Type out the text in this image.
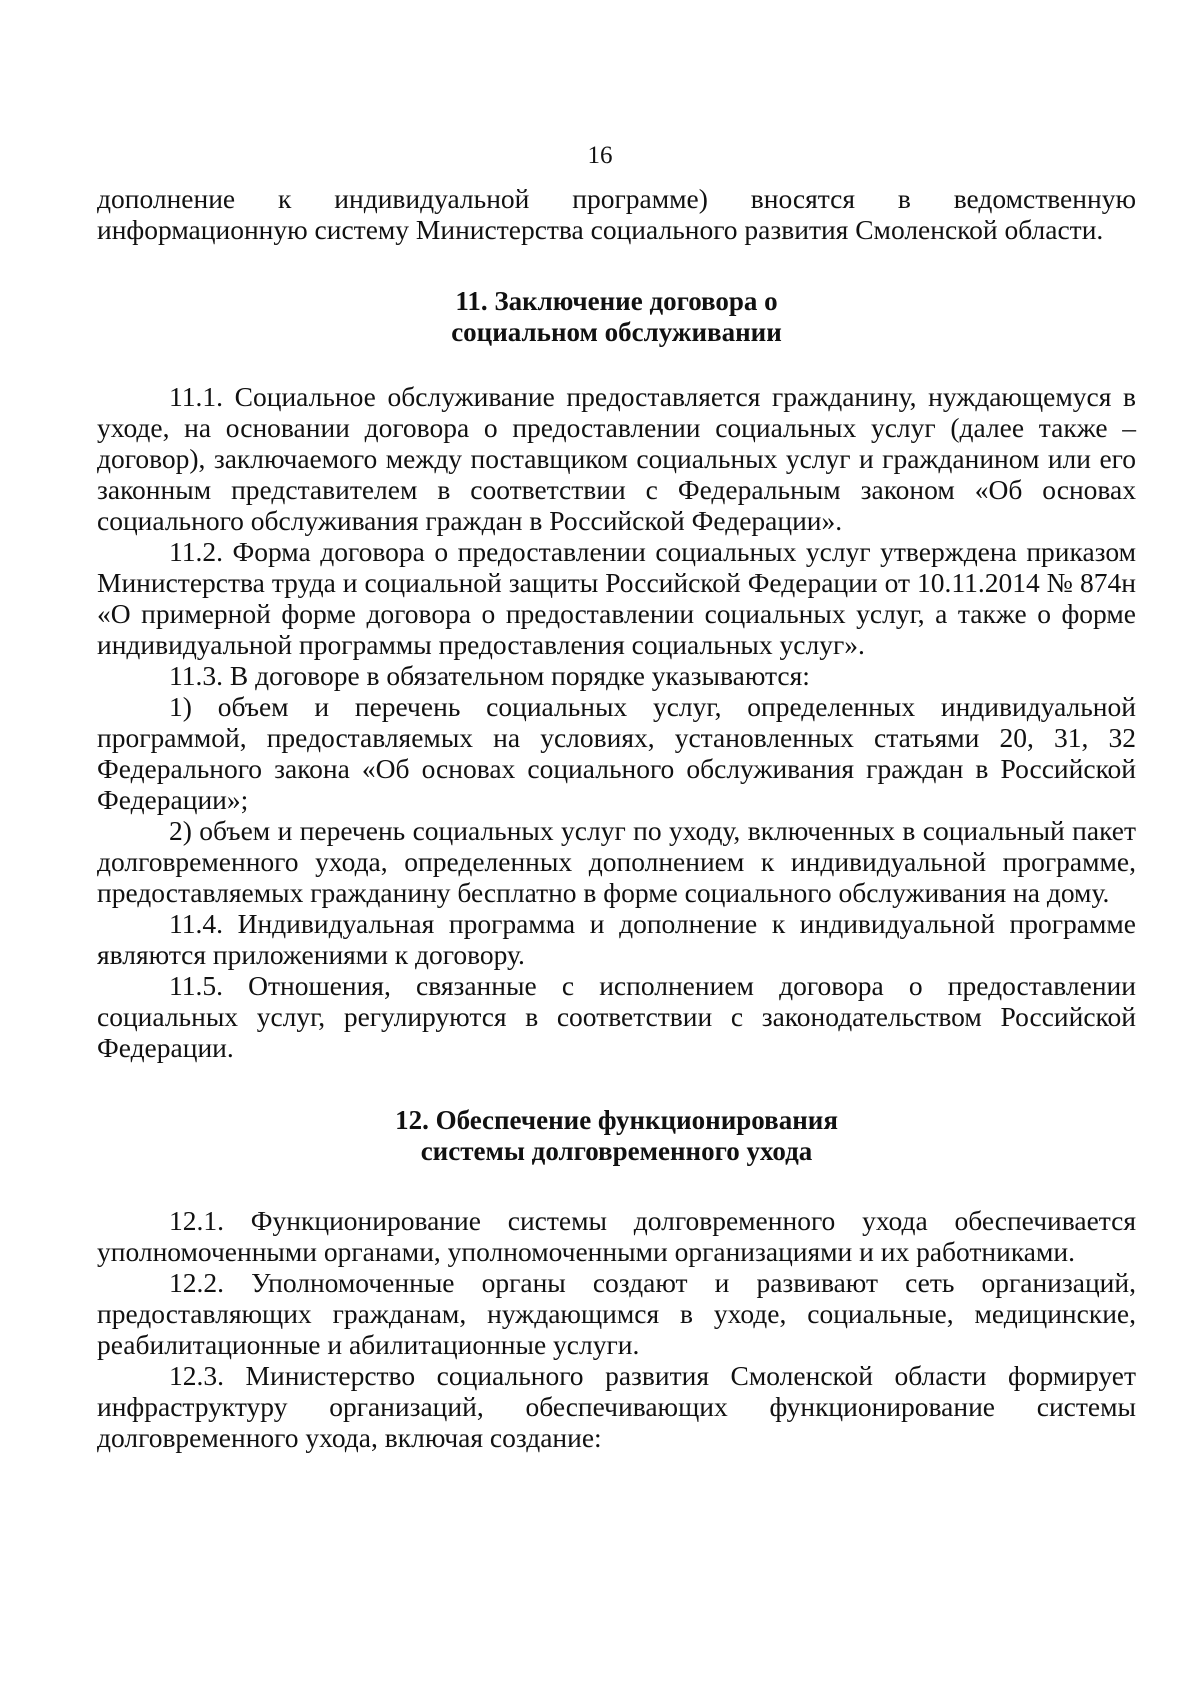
16

дополнение к индивидуальной программе) вносятся в ведомственную информационную систему Министерства социального развития Смоленской области.

11. Заключение договора о
социальном обслуживании

11.1. Социальное обслуживание предоставляется гражданину, нуждающемуся в уходе, на основании договора о предоставлении социальных услуг (далее также – договор), заключаемого между поставщиком социальных услуг и гражданином или его законным представителем в соответствии с Федеральным законом «Об основах социального обслуживания граждан в Российской Федерации».

11.2. Форма договора о предоставлении социальных услуг утверждена приказом Министерства труда и социальной защиты Российской Федерации от 10.11.2014 № 874н «О примерной форме договора о предоставлении социальных услуг, а также о форме индивидуальной программы предоставления социальных услуг».

11.3. В договоре в обязательном порядке указываются:

1) объем и перечень социальных услуг, определенных индивидуальной программой, предоставляемых на условиях, установленных статьями 20, 31, 32 Федерального закона «Об основах социального обслуживания граждан в Российской Федерации»;

2) объем и перечень социальных услуг по уходу, включенных в социальный пакет долговременного ухода, определенных дополнением к индивидуальной программе, предоставляемых гражданину бесплатно в форме социального обслуживания на дому.

11.4. Индивидуальная программа и дополнение к индивидуальной программе являются приложениями к договору.

11.5. Отношения, связанные с исполнением договора о предоставлении социальных услуг, регулируются в соответствии с законодательством Российской Федерации.

12. Обеспечение функционирования
системы долговременного ухода

12.1. Функционирование системы долговременного ухода обеспечивается уполномоченными органами, уполномоченными организациями и их работниками.

12.2. Уполномоченные органы создают и развивают сеть организаций, предоставляющих гражданам, нуждающимся в уходе, социальные, медицинские, реабилитационные и абилитационные услуги.

12.3. Министерство социального развития Смоленской области формирует инфраструктуру организаций, обеспечивающих функционирование системы долговременного ухода, включая создание:
